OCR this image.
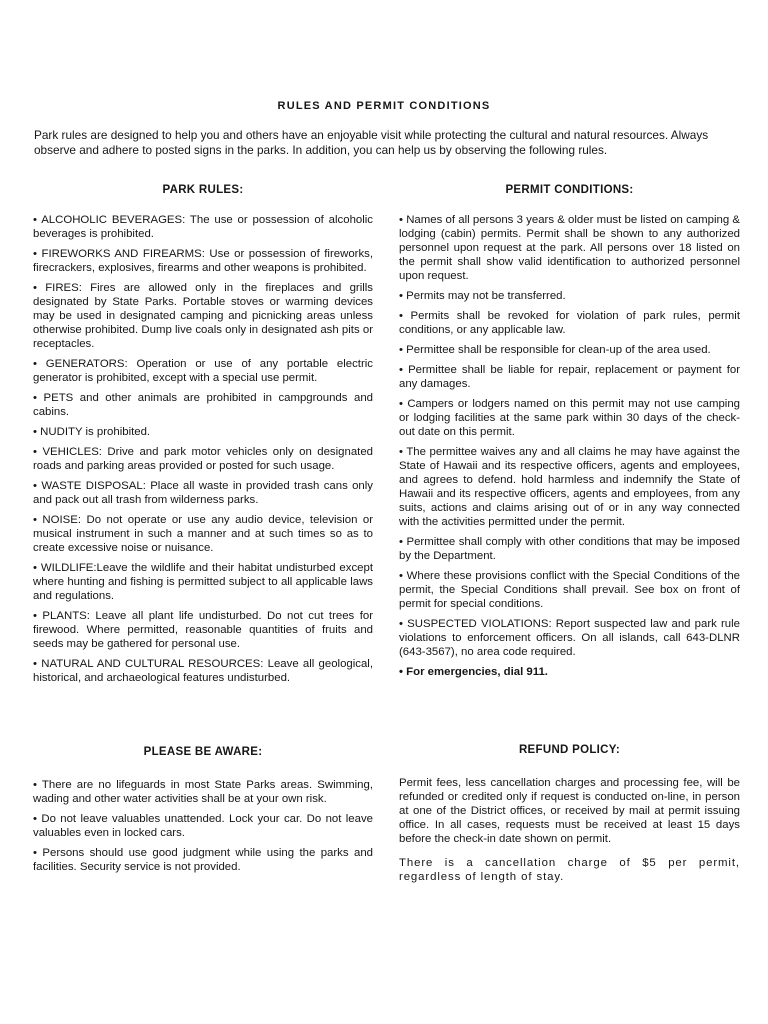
RULES AND PERMIT CONDITIONS
Park rules are designed to help you and others have an enjoyable visit while protecting the cultural and natural resources. Always observe and adhere to posted signs in the parks. In addition, you can help us by observing the following rules.
PARK RULES:
• ALCOHOLIC BEVERAGES: The use or possession of alcoholic beverages is prohibited.
• FIREWORKS AND FIREARMS: Use or possession of fireworks, firecrackers, explosives, firearms and other weapons is prohibited.
• FIRES: Fires are allowed only in the fireplaces and grills designated by State Parks. Portable stoves or warming devices may be used in designated camping and picnicking areas unless otherwise prohibited. Dump live coals only in designated ash pits or receptacles.
• GENERATORS: Operation or use of any portable electric generator is prohibited, except with a special use permit.
• PETS and other animals are prohibited in campgrounds and cabins.
• NUDITY is prohibited.
• VEHICLES: Drive and park motor vehicles only on designated roads and parking areas provided or posted for such usage.
• WASTE DISPOSAL: Place all waste in provided trash cans only and pack out all trash from wilderness parks.
• NOISE: Do not operate or use any audio device, television or musical instrument in such a manner and at such times so as to create excessive noise or nuisance.
• WILDLIFE:Leave the wildlife and their habitat undisturbed except where hunting and fishing is permitted subject to all applicable laws and regulations.
• PLANTS: Leave all plant life undisturbed. Do not cut trees for firewood. Where permitted, reasonable quantities of fruits and seeds may be gathered for personal use.
• NATURAL AND CULTURAL RESOURCES: Leave all geological, historical, and archaeological features undisturbed.
PERMIT CONDITIONS:
• Names of all persons 3 years & older must be listed on camping & lodging (cabin) permits. Permit shall be shown to any authorized personnel upon request at the park. All persons over 18 listed on the permit shall show valid identification to authorized personnel upon request.
• Permits may not be transferred.
• Permits shall be revoked for violation of park rules, permit conditions, or any applicable law.
• Permittee shall be responsible for clean-up of the area used.
• Permittee shall be liable for repair, replacement or payment for any damages.
• Campers or lodgers named on this permit may not use camping or lodging facilities at the same park within 30 days of the check-out date on this permit.
• The permittee waives any and all claims he may have against the State of Hawaii and its respective officers, agents and employees, and agrees to defend. hold harmless and indemnify the State of Hawaii and its respective officers, agents and employees, from any suits, actions and claims arising out of or in any way connected with the activities permitted under the permit.
• Permittee shall comply with other conditions that may be imposed by the Department.
• Where these provisions conflict with the Special Conditions of the permit, the Special Conditions shall prevail. See box on front of permit for special conditions.
• SUSPECTED VIOLATIONS: Report suspected law and park rule violations to enforcement officers. On all islands, call 643-DLNR (643-3567), no area code required.
• For emergencies, dial 911.
PLEASE BE AWARE:
• There are no lifeguards in most State Parks areas. Swimming, wading and other water activities shall be at your own risk.
• Do not leave valuables unattended. Lock your car. Do not leave valuables even in locked cars.
• Persons should use good judgment while using the parks and facilities. Security service is not provided.
REFUND POLICY:
Permit fees, less cancellation charges and processing fee, will be refunded or credited only if request is conducted on-line, in person at one of the District offices, or received by mail at permit issuing office. In all cases, requests must be received at least 15 days before the check-in date shown on permit.
There is a cancellation charge of $5 per permit, regardless of length of stay.
